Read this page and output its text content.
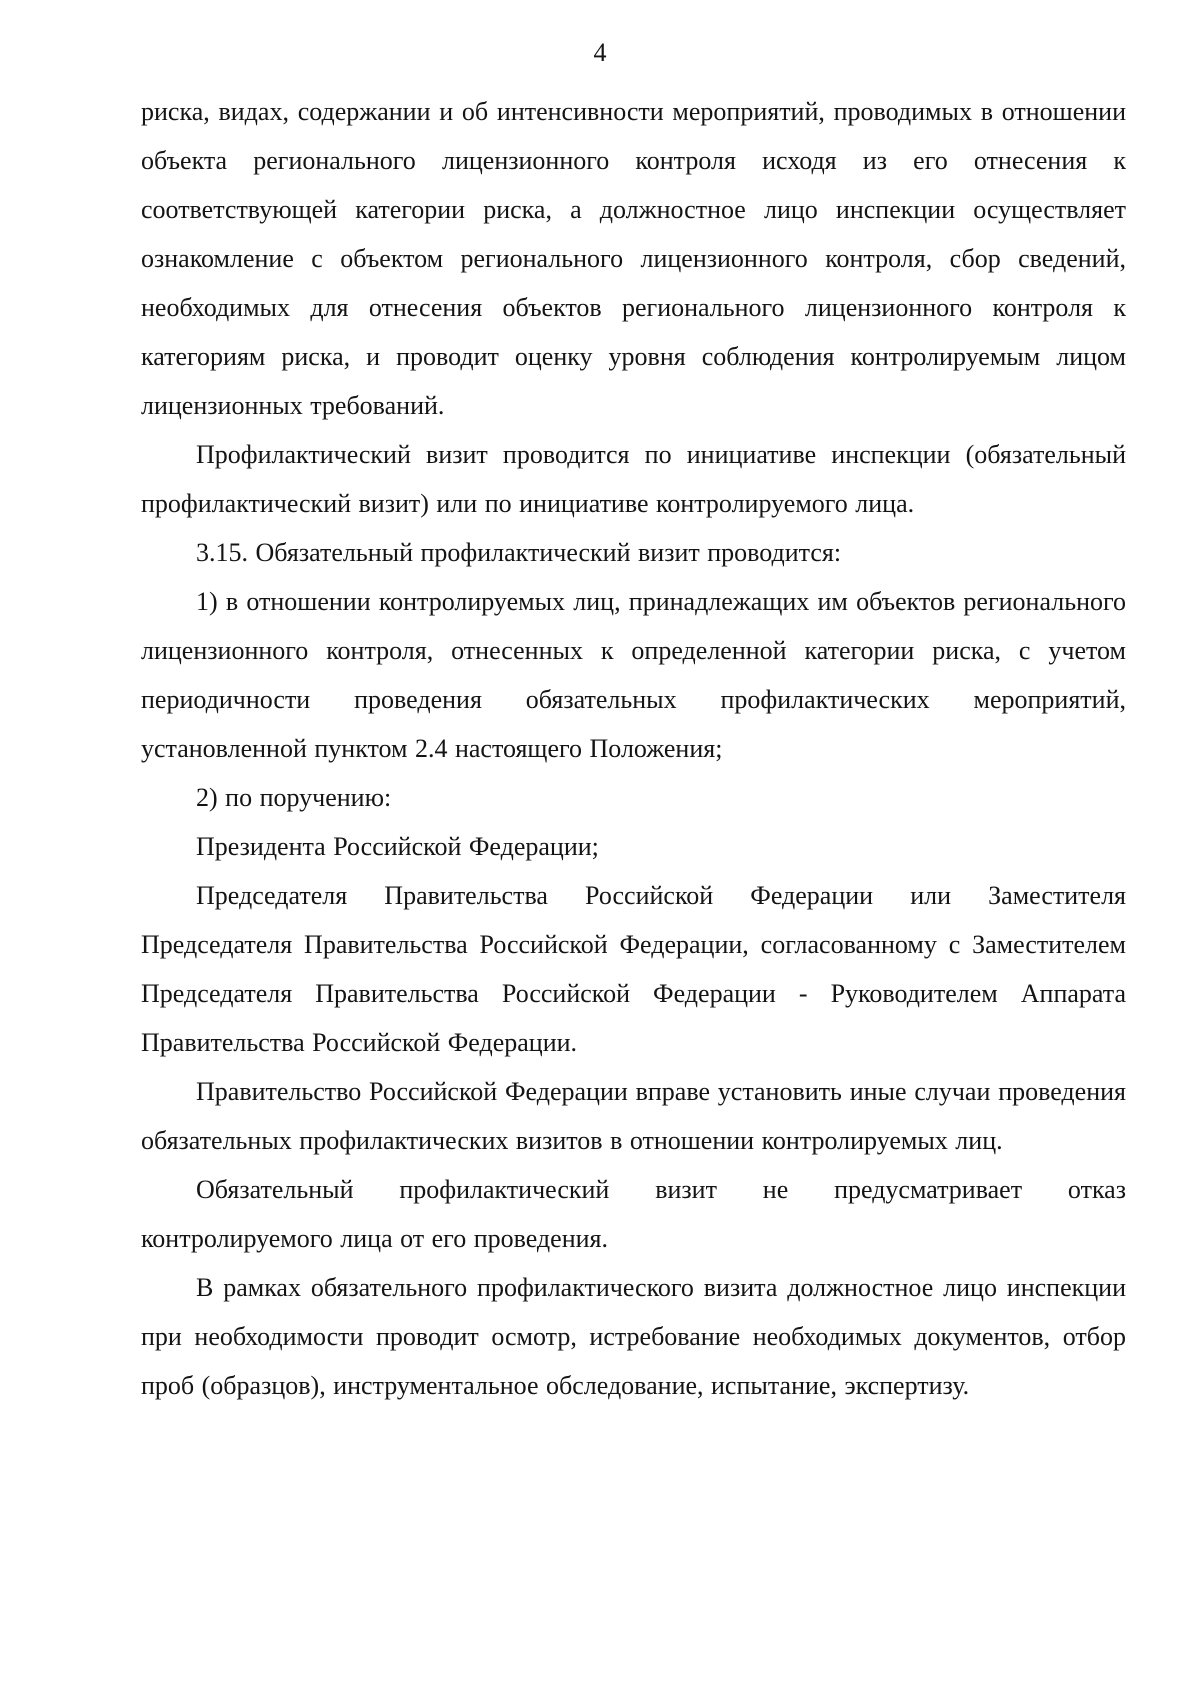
4

риска, видах, содержании и об интенсивности мероприятий, проводимых в отношении объекта регионального лицензионного контроля исходя из его отнесения к соответствующей категории риска, а должностное лицо инспекции осуществляет ознакомление с объектом регионального лицензионного контроля, сбор сведений, необходимых для отнесения объектов регионального лицензионного контроля к категориям риска, и проводит оценку уровня соблюдения контролируемым лицом лицензионных требований.

Профилактический визит проводится по инициативе инспекции (обязательный профилактический визит) или по инициативе контролируемого лица.

3.15. Обязательный профилактический визит проводится:

1) в отношении контролируемых лиц, принадлежащих им объектов регионального лицензионного контроля, отнесенных к определенной категории риска, с учетом периодичности проведения обязательных профилактических мероприятий, установленной пунктом 2.4 настоящего Положения;

2) по поручению:

Президента Российской Федерации;

Председателя Правительства Российской Федерации или Заместителя Председателя Правительства Российской Федерации, согласованному с Заместителем Председателя Правительства Российской Федерации - Руководителем Аппарата Правительства Российской Федерации.

Правительство Российской Федерации вправе установить иные случаи проведения обязательных профилактических визитов в отношении контролируемых лиц.

Обязательный профилактический визит не предусматривает отказ контролируемого лица от его проведения.

В рамках обязательного профилактического визита должностное лицо инспекции при необходимости проводит осмотр, истребование необходимых документов, отбор проб (образцов), инструментальное обследование, испытание, экспертизу.
